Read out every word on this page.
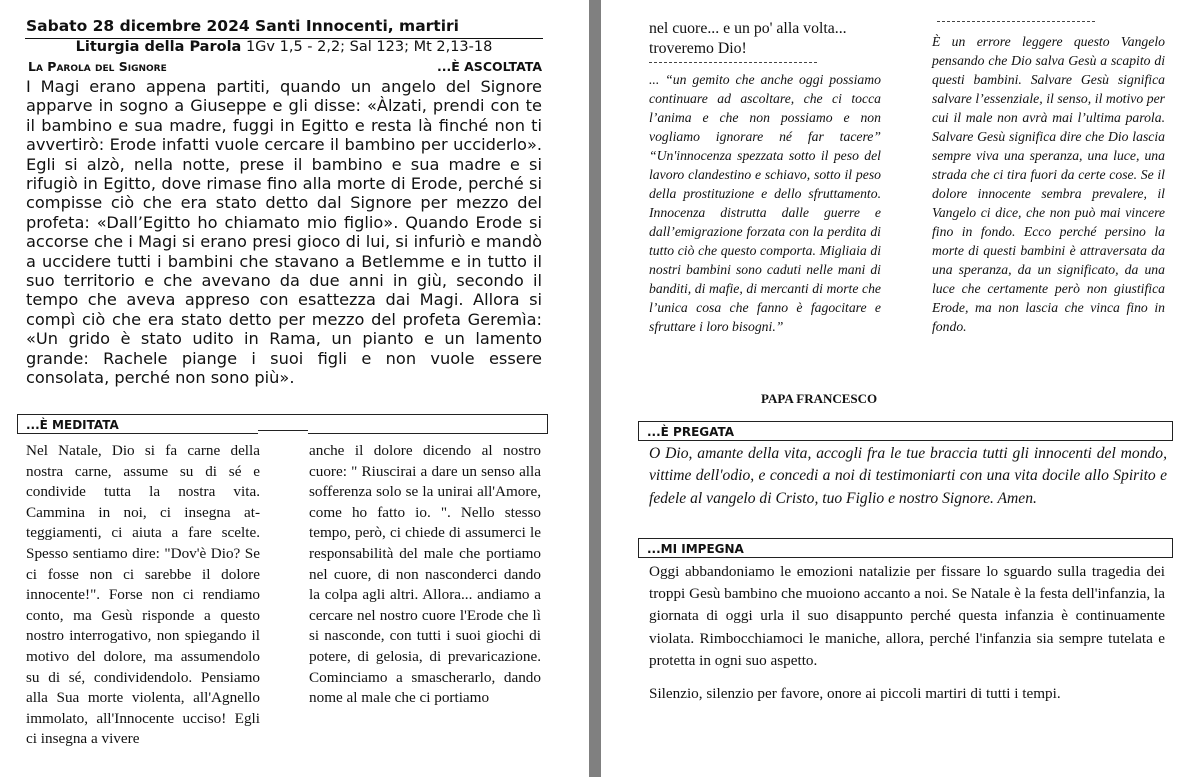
Sabato 28 dicembre 2024 Santi Innocenti, martiri
Liturgia della Parola 1Gv 1,5 - 2,2; Sal 123; Mt 2,13-18
La Parola del Signore	...È ASCOLTATA

I Magi erano appena partiti, quando un angelo del Signore apparve in sogno a Giuseppe e gli disse: «Àlzati, prendi con te il bambino e sua madre, fuggi in Egitto e resta là finché non ti avvertirò: Erode infatti vuole cercare il bambino per ucciderlo». Egli si alzò, nella notte, prese il bambino e sua madre e si rifugiò in Egitto, dove rimase fino alla morte di Erode, perché si compisse ciò che era stato detto dal Signore per mezzo del profeta: «Dall’Egitto ho chiamato mio figlio». Quando Erode si accorse che i Magi si erano presi gioco di lui, si infuriò e mandò a uccidere tutti i bambini che stavano a Betlemme e in tutto il suo territorio e che avevano da due anni in giù, secondo il tempo che aveva appreso con esattezza dai Magi. Allora si compì ciò che era stato detto per mezzo del profeta Geremìa: «Un grido è stato udito in Rama, un pianto e un lamento grande: Rachele piange i suoi figli e non vuole essere consolata, perché non sono più».

...È MEDITATA

Nel Natale, Dio si fa carne della nostra carne, assume su di sé e condivide tutta la nostra vita. Cammina in noi, ci insegna atteggiamenti, ci aiuta a fare scelte. Spesso sentiamo dire: "Dov'è Dio? Se ci fosse non ci sarebbe il dolore innocente!". Forse non ci rendiamo conto, ma Gesù risponde a questo nostro interrogativo, non spiegando il motivo del dolore, ma assumendolo su di sé, condividendolo. Pensiamo alla Sua morte violenta, all'Agnello immolato, all'Innocente ucciso! Egli ci insegna a vivere

anche il dolore dicendo al nostro cuore: " Riuscirai a dare un senso alla sofferenza solo se la unirai all'Amore, come ho fatto io. ". Nello stesso tempo, però, ci chiede di assumerci le responsabilità del male che portiamo nel cuore, di non nasconderci dando la colpa agli altri. Allora... andiamo a cercare nel nostro cuore l'Erode che lì si nasconde, con tutti i suoi giochi di potere, di gelosia, di prevaricazione. Cominciamo a smascherarlo, dando nome al male che ci portiamo

nel cuore... e un po' alla volta... troveremo Dio!

... “un gemito che anche oggi possiamo continuare ad ascoltare, che ci tocca l’anima e che non possiamo e non vogliamo ignorare né far tacere” “Un'innocenza spezzata sotto il peso del lavoro clandestino e schiavo, sotto il peso della prostituzione e dello sfruttamento. Innocenza distrutta dalle guerre e dall’emigrazione forzata con la perdita di tutto ciò che questo comporta. Migliaia di nostri bambini sono caduti nelle mani di banditi, di mafie, di mercanti di morte che l’unica cosa che fanno è fagocitare e sfruttare i loro bisogni.”

PAPA FRANCESCO

È un errore leggere questo Vangelo pensando che Dio salva Gesù a scapito di questi bambini. Salvare Gesù significa salvare l’essenziale, il senso, il motivo per cui il male non avrà mai l’ultima parola. Salvare Gesù significa dire che Dio lascia sempre viva una speranza, una luce, una strada che ci tira fuori da certe cose. Se il dolore innocente sembra prevalere, il Vangelo ci dice, che non può mai vincere fino in fondo. Ecco perché persino la morte di questi bambini è attraversata da una speranza, da un significato, da una luce che certamente però non giustifica Erode, ma non lascia che vinca fino in fondo.

...È PREGATA

O Dio, amante della vita, accogli fra le tue braccia tutti gli innocenti del mondo, vittime dell'odio, e concedi a noi di testimoniarti con una vita docile allo Spirito e fedele al vangelo di Cristo, tuo Figlio e nostro Signore. Amen.

...MI IMPEGNA

Oggi abbandoniamo le emozioni natalizie per fissare lo sguardo sulla tragedia dei troppi Gesù bambino che muoiono accanto a noi. Se Natale è la festa dell'infanzia, la giornata di oggi urla il suo disappunto perché questa infanzia è continuamente violata. Rimbocchiamoci le maniche, allora, perché l'infanzia sia sempre tutelata e protetta in ogni suo aspetto.

Silenzio, silenzio per favore, onore ai piccoli martiri di tutti i tempi.
